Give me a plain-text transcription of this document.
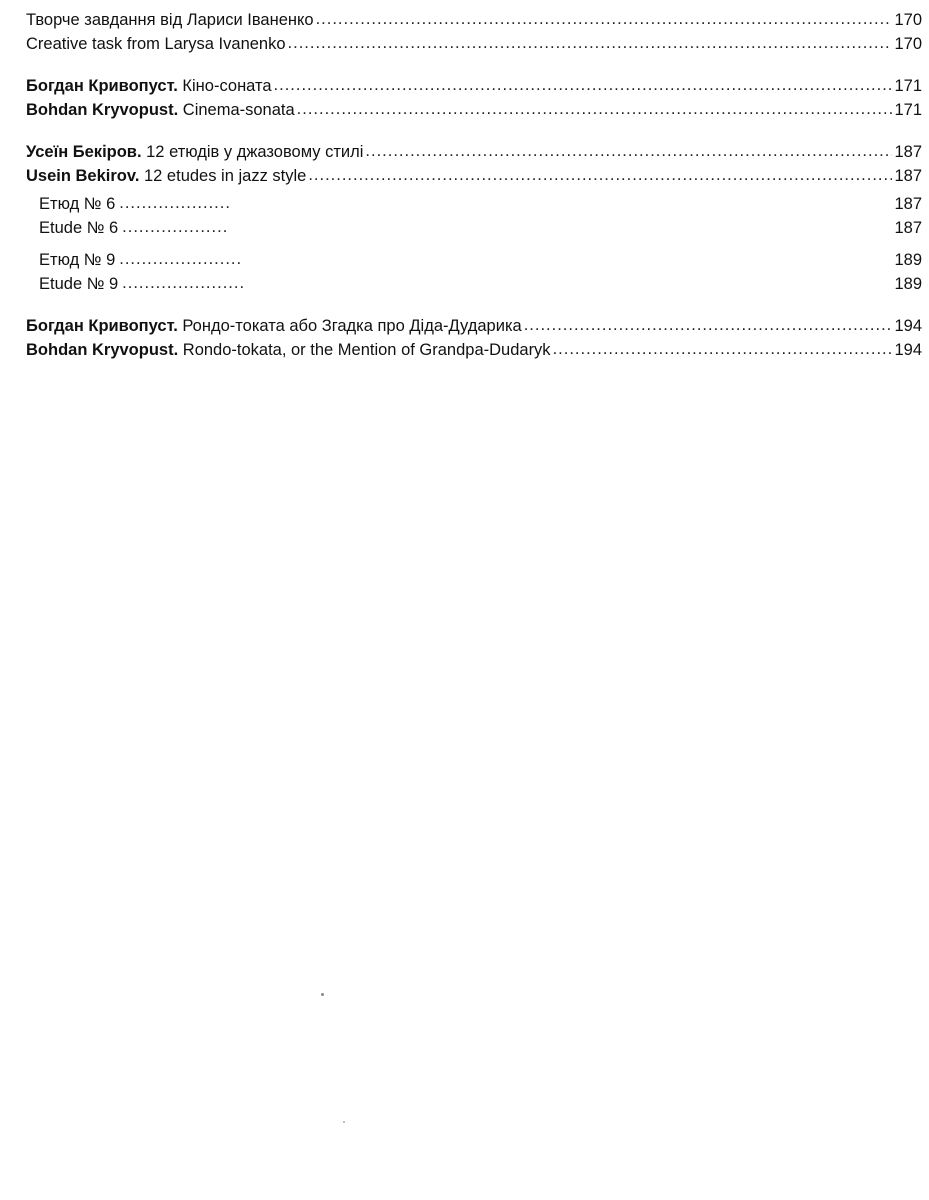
Творче завдання від Лариси Іваненко .....	170
Creative task from Larysa Ivanenko .....	170
Богдан Кривопуст. Кіно-соната .....	171
Bohdan Kryvopust. Cinema-sonata .....	171
Усеїн Бекіров. 12 етюдів у джазовому стилі .....	187
Usein Bekirov. 12 etudes in jazz style .....	187
Етюд № 6 ....................	187
Etude № 6 ...................	187
Етюд № 9 ......................	189
Etude № 9 ......................	189
Богдан Кривопуст. Рондо-токата або Згадка про Діда-Дударика .....	194
Bohdan Kryvopust. Rondo-tokata, or the Mention of Grandpa-Dudaryk .....	194
